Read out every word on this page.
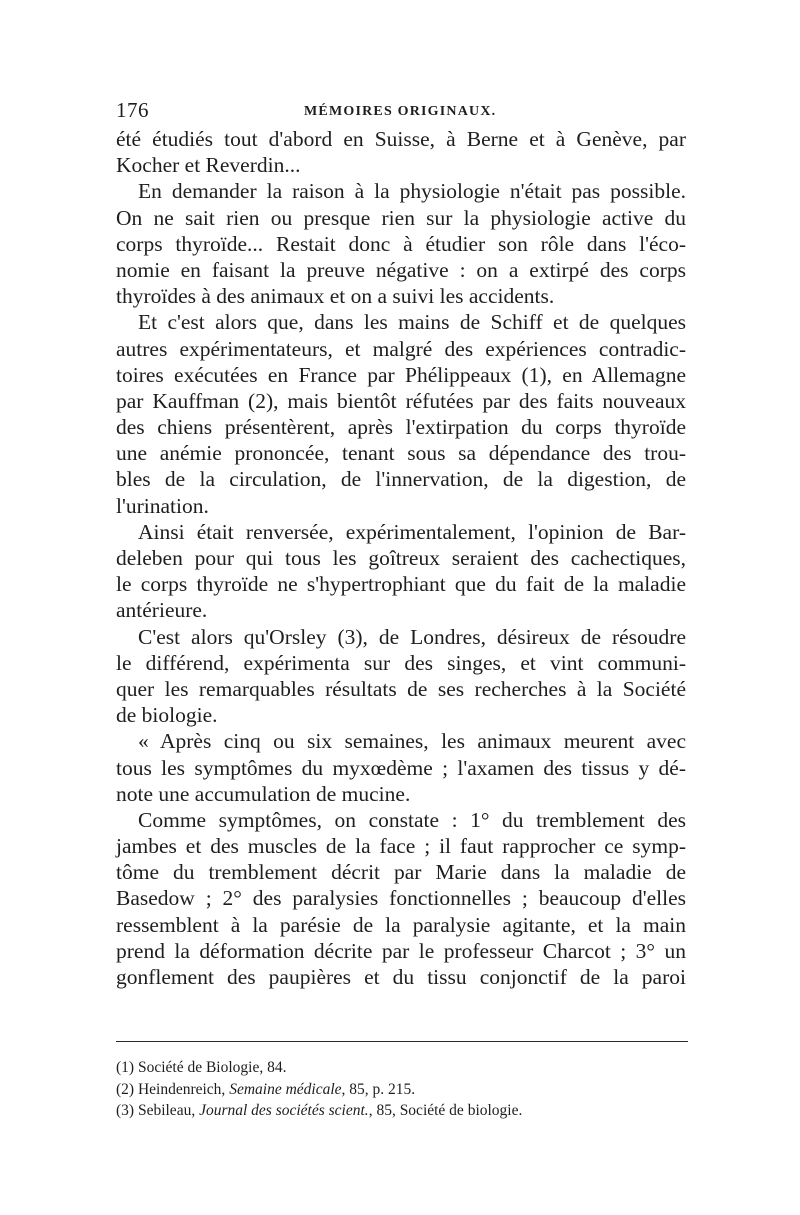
176	MÉMOIRES ORIGINAUX.
été étudiés tout d'abord en Suisse, à Berne et à Genève, par
Kocher et Reverdin...
En demander la raison à la physiologie n'était pas possible.
On ne sait rien ou presque rien sur la physiologie active du
corps thyroïde... Restait donc à étudier son rôle dans l'éco-
nomie en faisant la preuve négative : on a extirpé des corps
thyroïdes à des animaux et on a suivi les accidents.
Et c'est alors que, dans les mains de Schiff et de quelques
autres expérimentateurs, et malgré des expériences contradic-
toires exécutées en France par Phélippeaux (1), en Allemagne
par Kauffman (2), mais bientôt réfutées par des faits nouveaux
des chiens présentèrent, après l'extirpation du corps thyroïde
une anémie prononcée, tenant sous sa dépendance des trou-
bles de la circulation, de l'innervation, de la digestion, de
l'urination.
Ainsi était renversée, expérimentalement, l'opinion de Bar-
deleben pour qui tous les goîtreux seraient des cachectiques,
le corps thyroïde ne s'hypertrophiant que du fait de la maladie
antérieure.
C'est alors qu'Orsley (3), de Londres, désireux de résoudre
le différend, expérimenta sur des singes, et vint communi-
quer les remarquables résultats de ses recherches à la Société
de biologie.
« Après cinq ou six semaines, les animaux meurent avec
tous les symptômes du myxœdème ; l'axamen des tissus y dé-
note une accumulation de mucine.
Comme symptômes, on constate : 1° du tremblement des
jambes et des muscles de la face ; il faut rapprocher ce symp-
tôme du tremblement décrit par Marie dans la maladie de
Basedow ; 2° des paralysies fonctionnelles ; beaucoup d'elles
ressemblent à la parésie de la paralysie agitante, et la main
prend la déformation décrite par le professeur Charcot ; 3° un
gonflement des paupières et du tissu conjonctif de la paroi
(1) Société de Biologie, 84.
(2) Heindenreich, Semaine médicale, 85, p. 215.
(3) Sebileau, Journal des sociétés scient., 85, Société de biologie.
